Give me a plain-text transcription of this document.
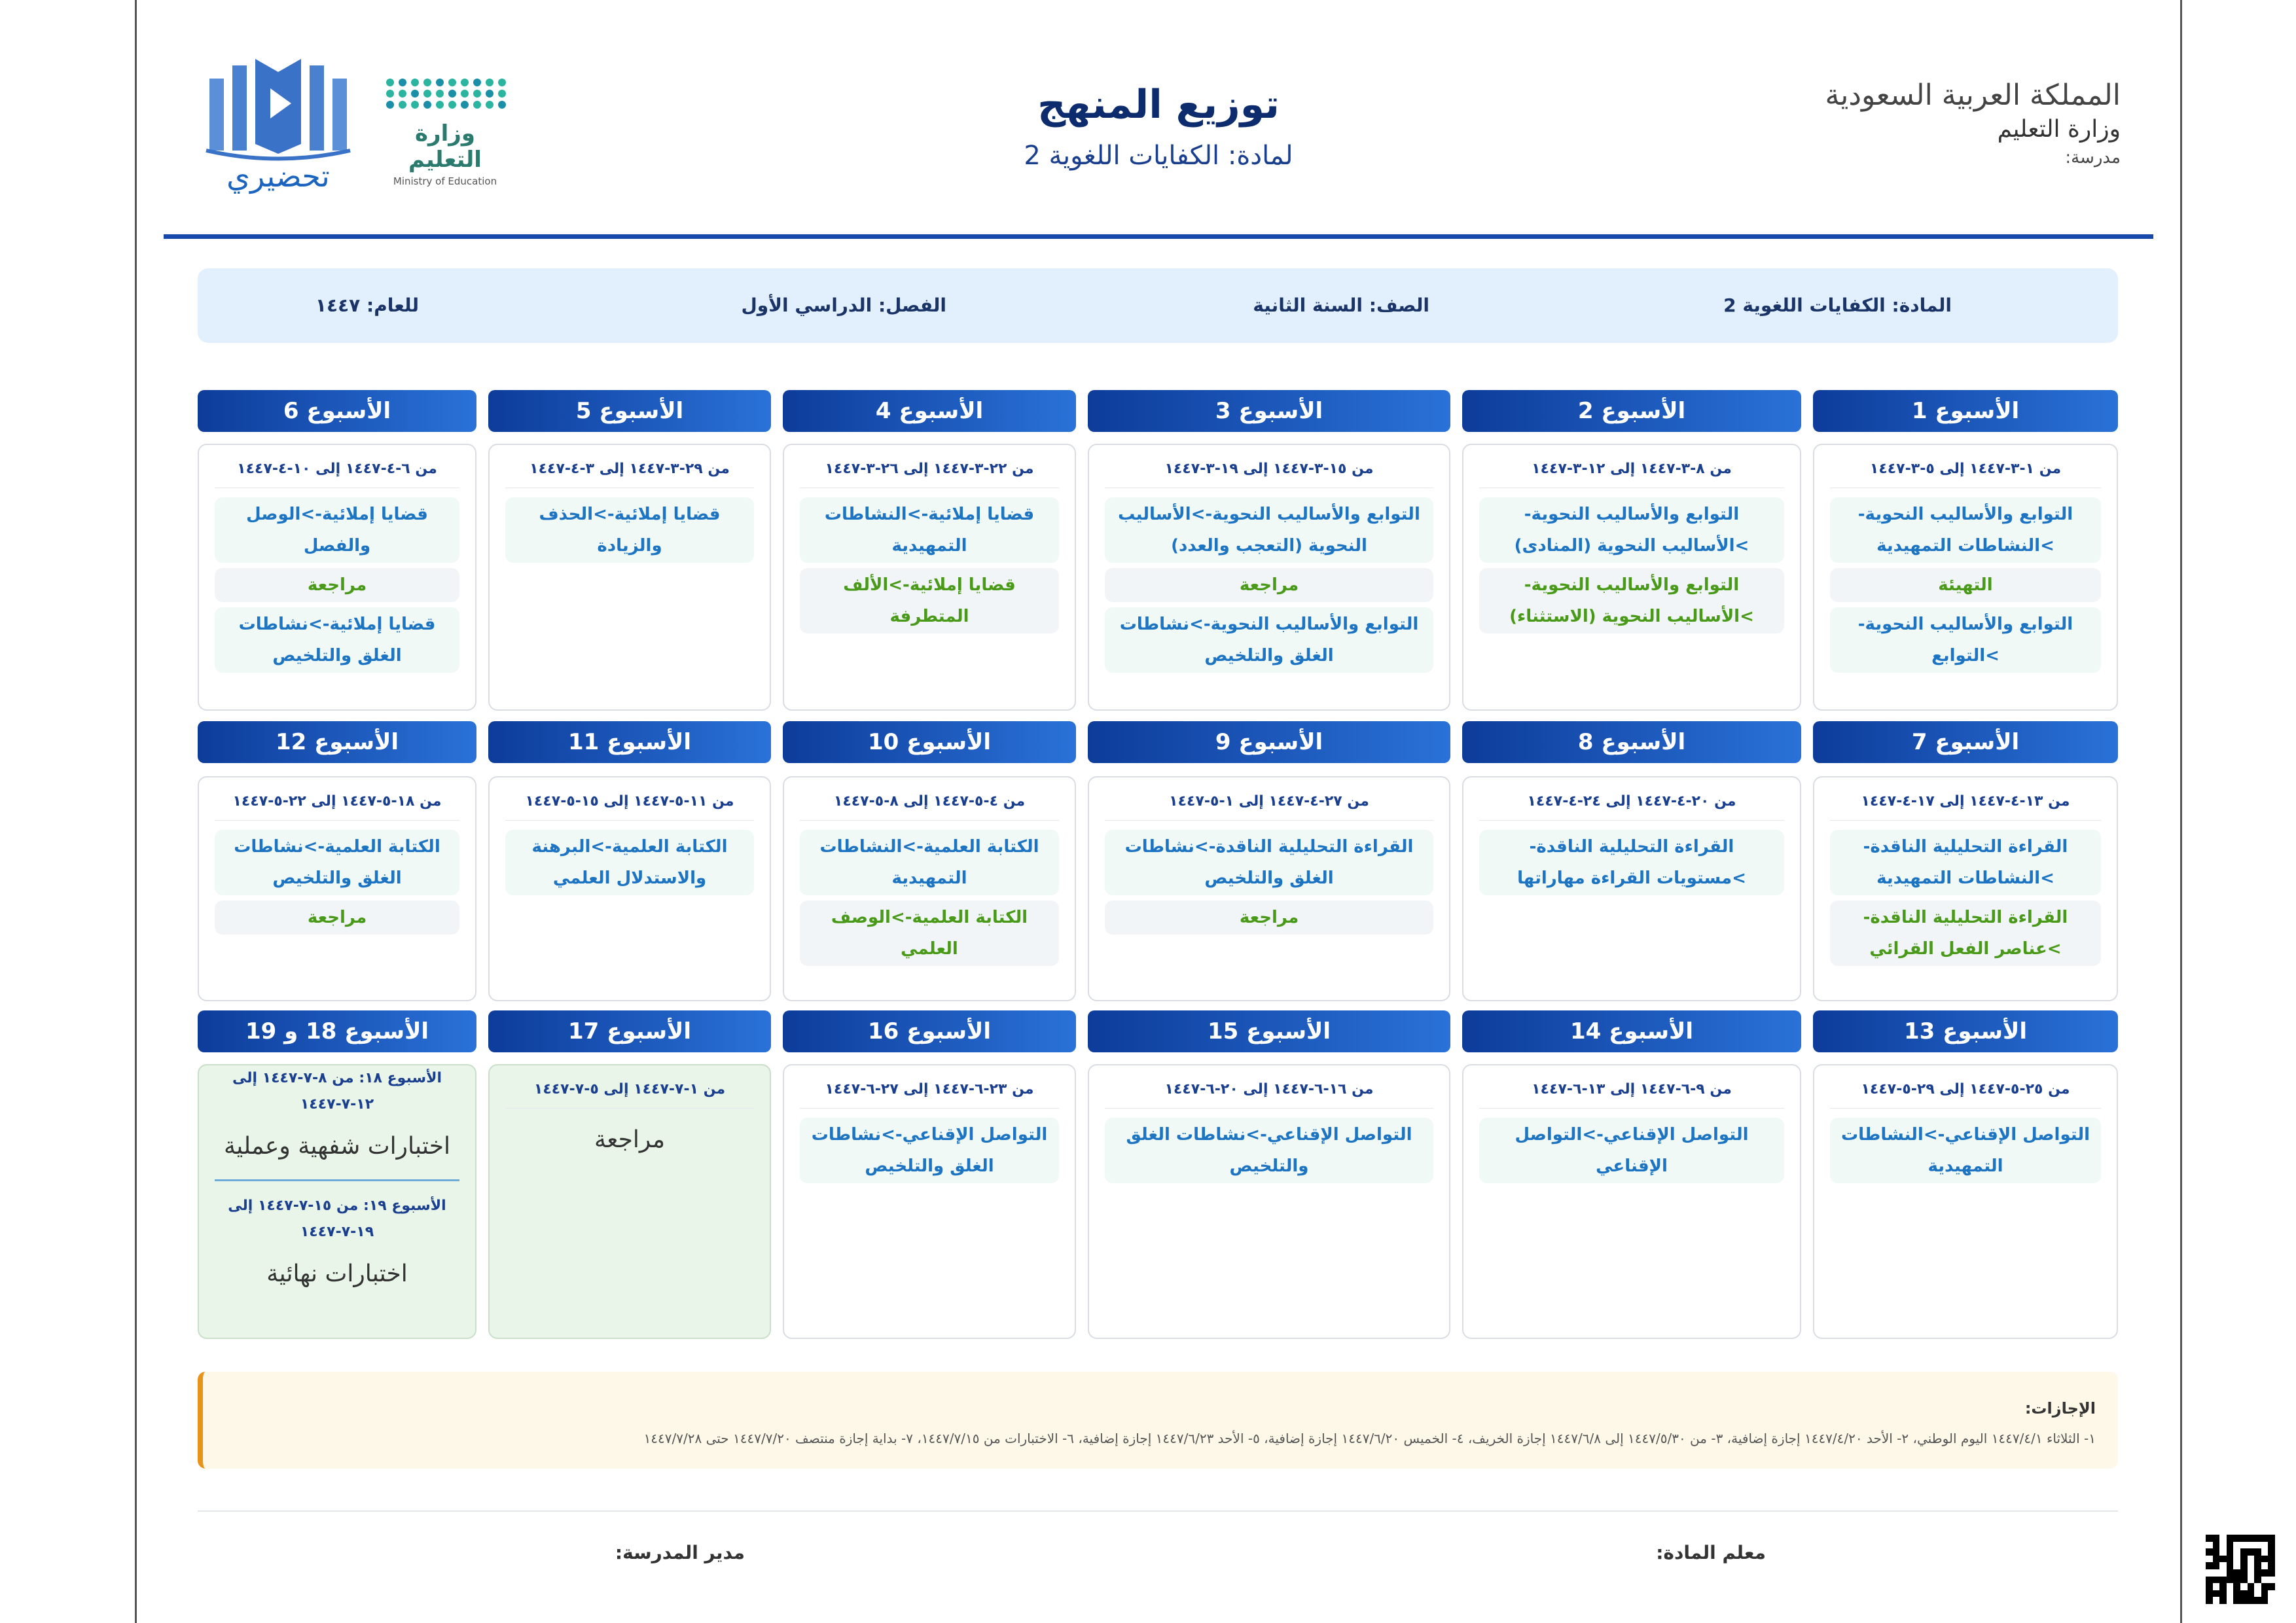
المملكة العربية السعودية
وزارة التعليم
مدرسة:
توزيع المنهج
لمادة: الكفايات اللغوية 2
وزارة التعليم
Ministry of Education
تحضيري
المادة: الكفايات اللغوية 2
الصف: السنة الثانية
الفصل: الدراسي الأول
للعام: ١٤٤٧
الأسبوع 1
من ١-٣-١٤٤٧ إلى ٥-٣-١٤٤٧
التوابع والأساليب النحوية->النشاطات التمهيدية
التهيئة
التوابع والأساليب النحوية->التوابع
الأسبوع 2
من ٨-٣-١٤٤٧ إلى ١٢-٣-١٤٤٧
التوابع والأساليب النحوية->الأساليب النحوية (المنادى)
التوابع والأساليب النحوية->الأساليب النحوية (الاستثناء)
الأسبوع 3
من ١٥-٣-١٤٤٧ إلى ١٩-٣-١٤٤٧
التوابع والأساليب النحوية->الأساليب النحوية (التعجب والعدد)
مراجعة
التوابع والأساليب النحوية->نشاطات الغلق والتلخيص
الأسبوع 4
من ٢٢-٣-١٤٤٧ إلى ٢٦-٣-١٤٤٧
قضايا إملائية->النشاطات التمهيدية
قضايا إملائية->الألف المتطرفة
الأسبوع 5
من ٢٩-٣-١٤٤٧ إلى ٣-٤-١٤٤٧
قضايا إملائية->الحذف والزيادة
الأسبوع 6
من ٦-٤-١٤٤٧ إلى ١٠-٤-١٤٤٧
قضايا إملائية->الوصل والفصل
مراجعة
قضايا إملائية->نشاطات الغلق والتلخيص
الأسبوع 7
من ١٣-٤-١٤٤٧ إلى ١٧-٤-١٤٤٧
القراءة التحليلية الناقدة->النشاطات التمهيدية
القراءة التحليلية الناقدة->عناصر الفعل القرائي
الأسبوع 8
من ٢٠-٤-١٤٤٧ إلى ٢٤-٤-١٤٤٧
القراءة التحليلية الناقدة->مستويات القراءة مهاراتها
الأسبوع 9
من ٢٧-٤-١٤٤٧ إلى ١-٥-١٤٤٧
القراءة التحليلية الناقدة->نشاطات الغلق والتلخيص
مراجعة
الأسبوع 10
من ٤-٥-١٤٤٧ إلى ٨-٥-١٤٤٧
الكتابة العلمية->النشاطات التمهيدية
الكتابة العلمية->الوصف العلمي
الأسبوع 11
من ١١-٥-١٤٤٧ إلى ١٥-٥-١٤٤٧
الكتابة العلمية->البرهنة والاستدلال العلمي
الأسبوع 12
من ١٨-٥-١٤٤٧ إلى ٢٢-٥-١٤٤٧
الكتابة العلمية->نشاطات الغلق والتلخيص
مراجعة
الأسبوع 13
من ٢٥-٥-١٤٤٧ إلى ٢٩-٥-١٤٤٧
التواصل الإقناعي->النشاطات التمهيدية
الأسبوع 14
من ٩-٦-١٤٤٧ إلى ١٣-٦-١٤٤٧
التواصل الإقناعي->التواصل الإقناعي
الأسبوع 15
من ١٦-٦-١٤٤٧ إلى ٢٠-٦-١٤٤٧
التواصل الإقناعي->نشاطات الغلق والتلخيص
الأسبوع 16
من ٢٣-٦-١٤٤٧ إلى ٢٧-٦-١٤٤٧
التواصل الإقناعي->نشاطات الغلق والتلخيص
الأسبوع 17
من ١-٧-١٤٤٧ إلى ٥-٧-١٤٤٧
مراجعة
الأسبوع 18 و 19
الأسبوع ١٨: من ٨-٧-١٤٤٧ إلى ١٢-٧-١٤٤٧
اختبارات شفهية وعملية
الأسبوع ١٩: من ١٥-٧-١٤٤٧ إلى ١٩-٧-١٤٤٧
اختبارات نهائية
الإجازات:
١- الثلاثاء ١٤٤٧/٤/١ اليوم الوطني، ٢- الأحد ١٤٤٧/٤/٢٠ إجازة إضافية، ٣- من ١٤٤٧/٥/٣٠ إلى ١٤٤٧/٦/٨ إجازة الخريف، ٤- الخميس ١٤٤٧/٦/٢٠ إجازة إضافية، ٥- الأحد ١٤٤٧/٦/٢٣ إجازة إضافية، ٦- الاختبارات من ١٤٤٧/٧/١٥، ٧- بداية إجازة منتصف ١٤٤٧/٧/٢٠ حتى ١٤٤٧/٧/٢٨
معلم المادة:
مدير المدرسة:
